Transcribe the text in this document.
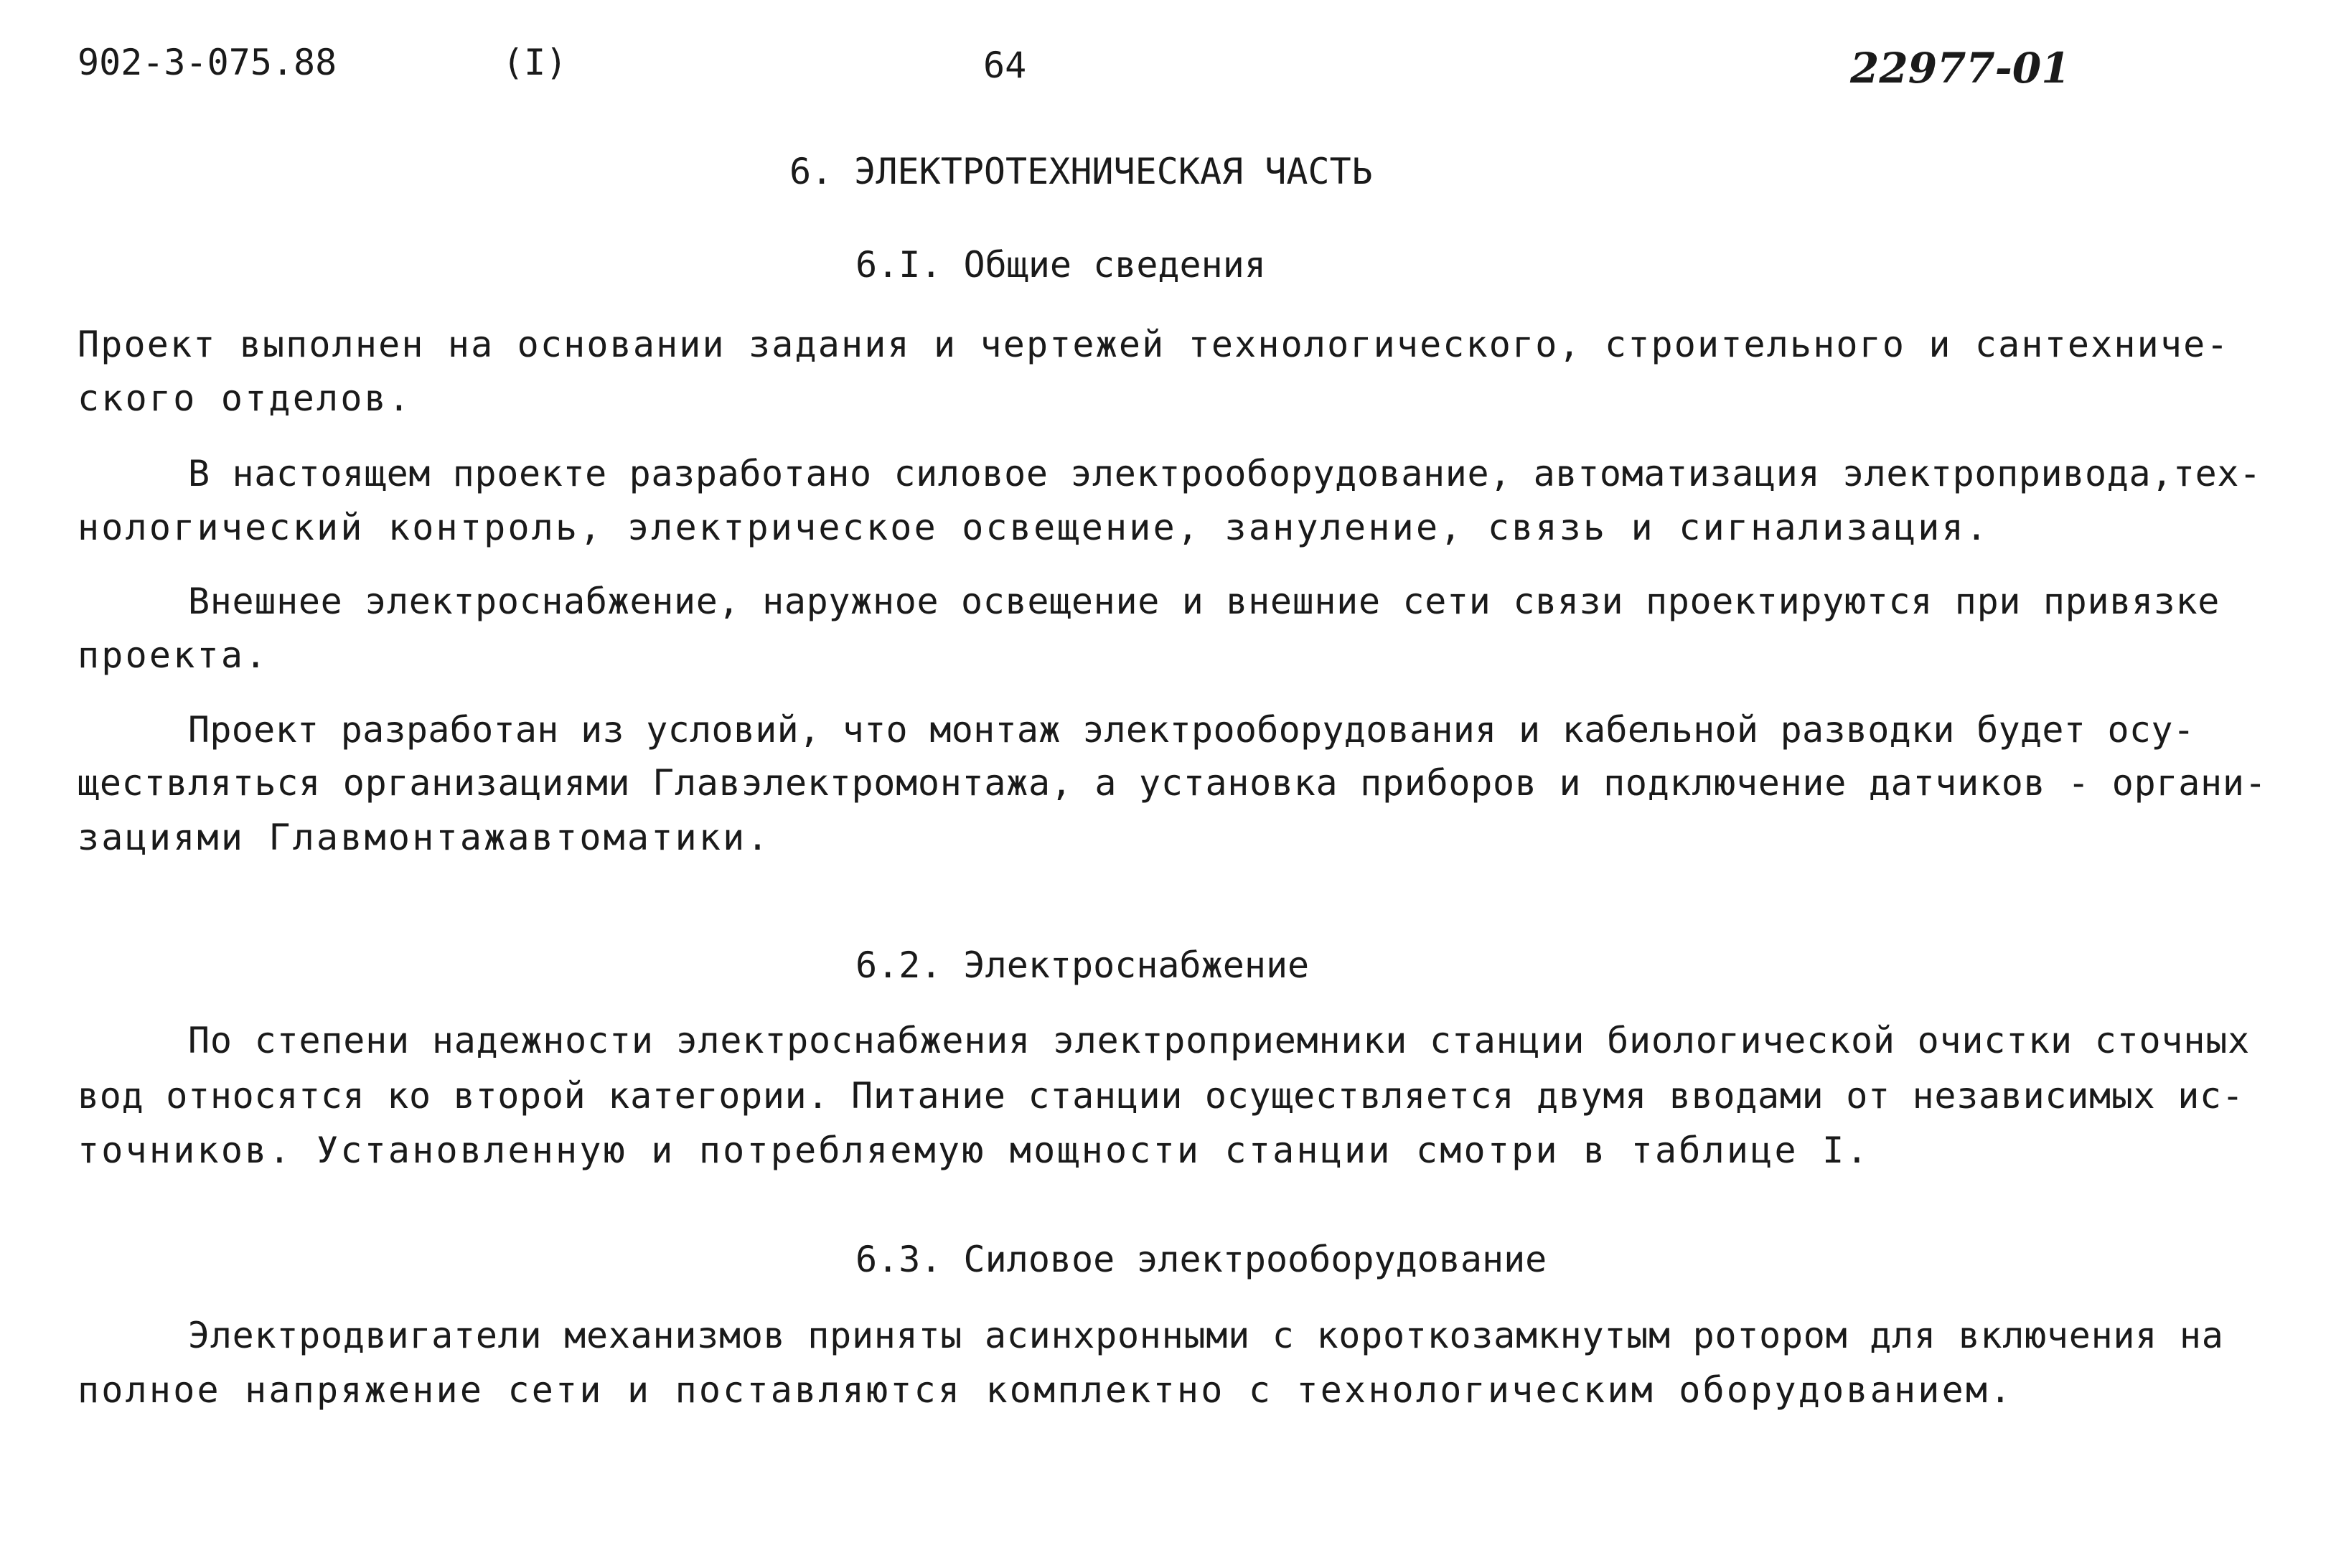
902-3-075.88	(I)	64	22977-01
6. ЭЛЕКТРОТЕХНИЧЕСКАЯ ЧАСТЬ
6.I. Общие сведения
Проект выполнен на основании задания и чертежей технологического, строительного и сантехниче-
ского отделов.
В настоящем проекте разработано силовое электрооборудование, автоматизация электропривода,тех-
нологический контроль, электрическое освещение, зануление, связь и сигнализация.
Внешнее электроснабжение, наружное освещение и внешние сети связи проектируются при привязке
проекта.
Проект разработан из условий, что монтаж электрооборудования и кабельной разводки будет осу-
ществляться организациями Главэлектромонтажа, а установка приборов и подключение датчиков - органи-
зациями Главмонтажавтоматики.
6.2. Электроснабжение
По степени надежности электроснабжения электроприемники станции биологической очистки сточных
вод относятся ко второй категории. Питание станции осуществляется двумя вводами от независимых ис-
точников. Установленную и потребляемую мощности станции смотри в таблице I.
6.3. Силовое электрооборудование
Электродвигатели механизмов приняты асинхронными с короткозамкнутым ротором для включения на
полное напряжение сети и поставляются комплектно с технологическим оборудованием.
